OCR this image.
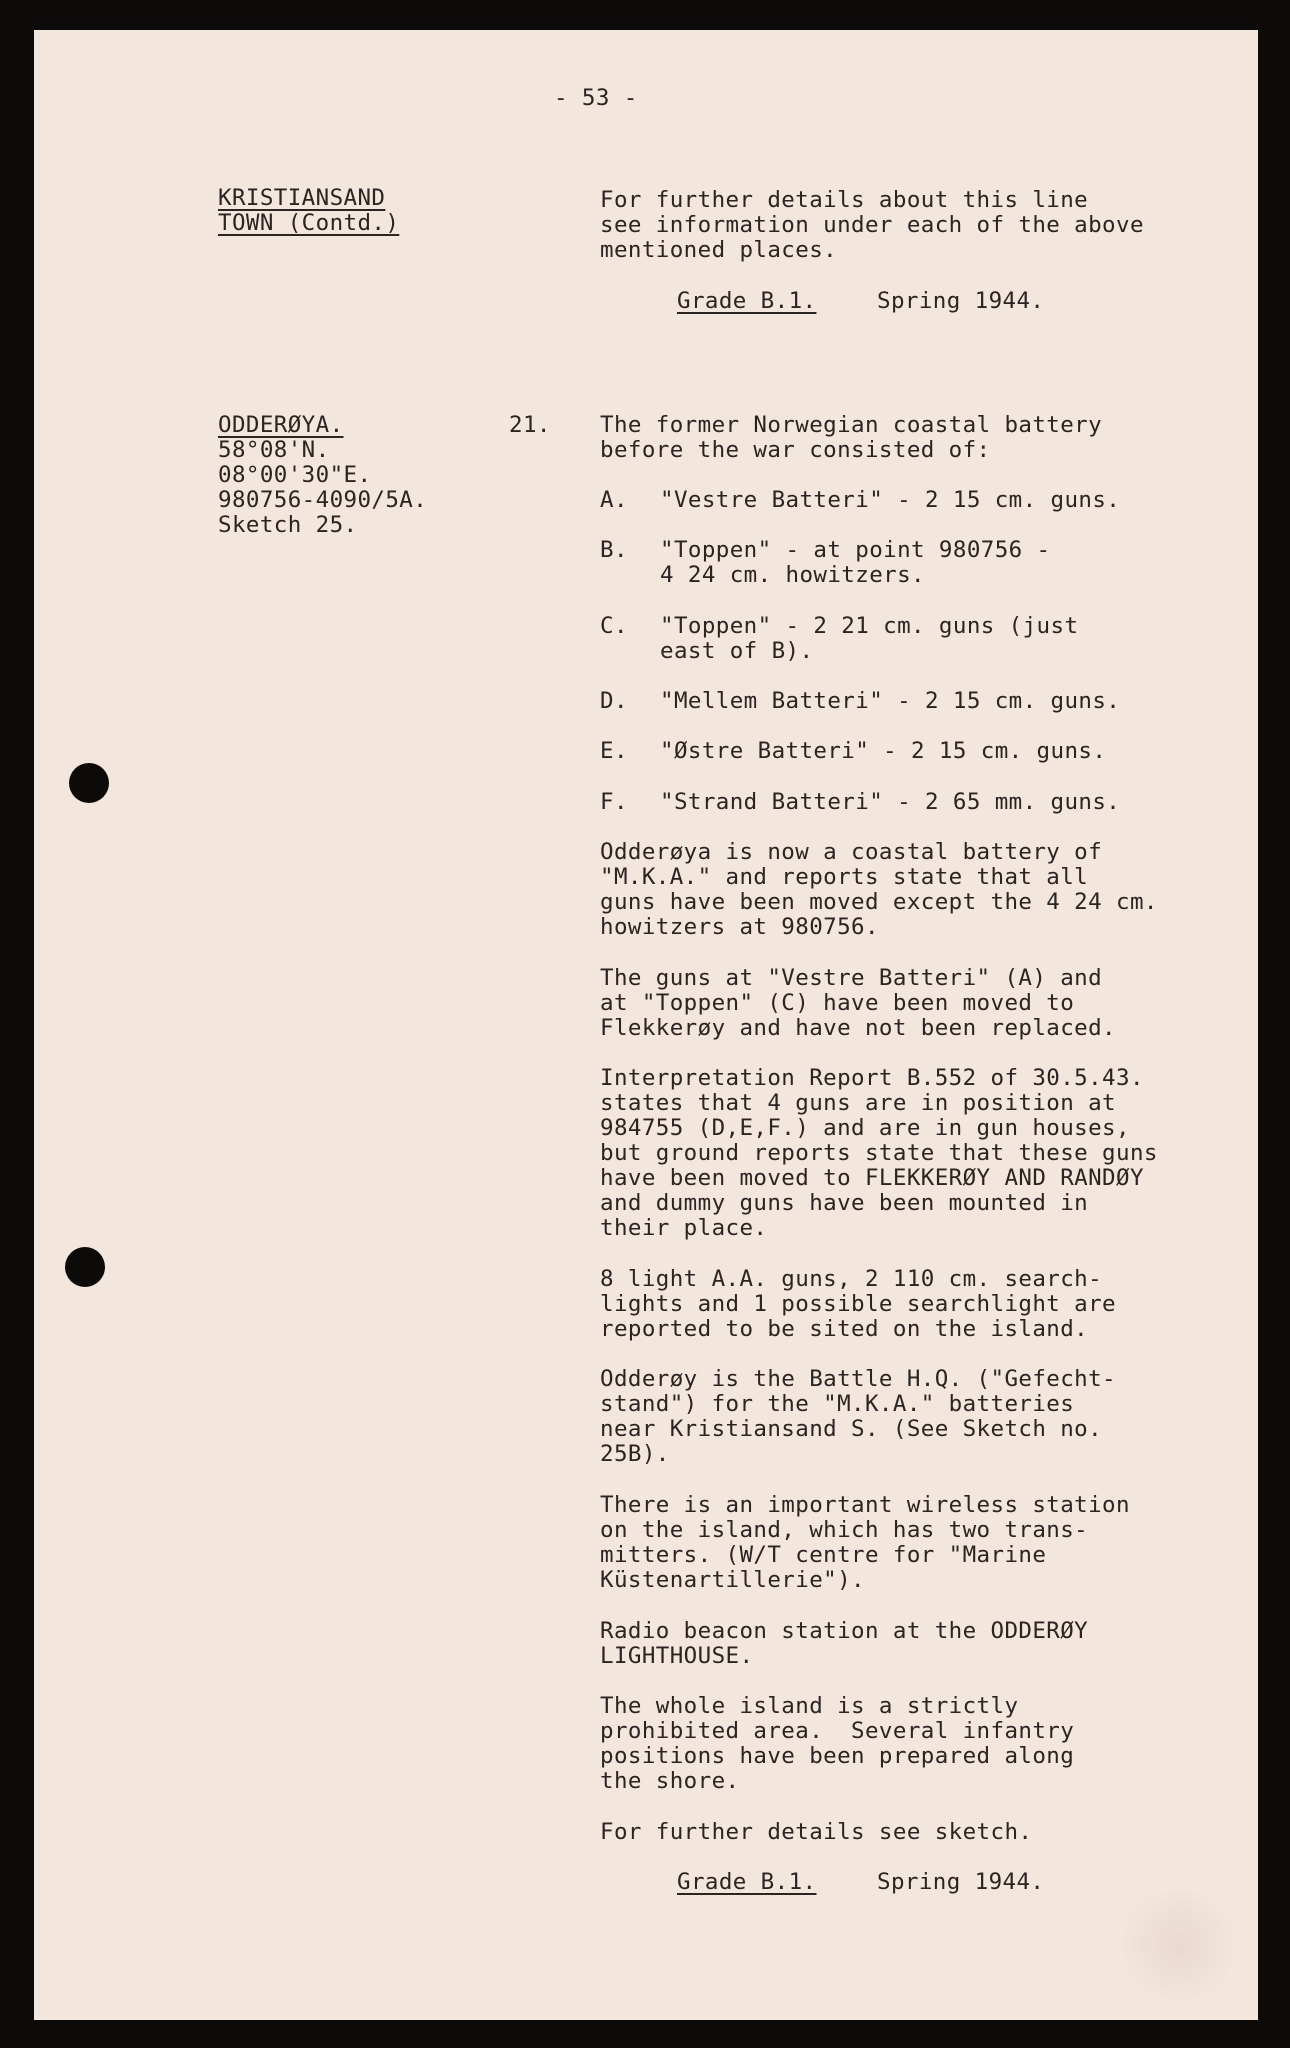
- 53 -
KRISTIANSAND
TOWN (Contd.)
For further details about this line
see information under each of the above
mentioned places.
Grade B.1.	Spring 1944.
ODDERØYA.
58°08'N.
08°00'30"E.
980756-4090/5A.
Sketch 25.
21. The former Norwegian coastal battery
before the war consisted of:
A. "Vestre Batteri" - 2 15 cm. guns.
B. "Toppen" - at point 980756 -
4 24 cm. howitzers.
C. "Toppen" - 2 21 cm. guns (just
east of B).
D. "Mellem Batteri" - 2 15 cm. guns.
E. "Østre Batteri" - 2 15 cm. guns.
F. "Strand Batteri" - 2 65 mm. guns.
Odderøya is now a coastal battery of
"M.K.A." and reports state that all
guns have been moved except the 4 24 cm.
howitzers at 980756.
The guns at "Vestre Batteri" (A) and
at "Toppen" (C) have been moved to
Flekkerøy and have not been replaced.
Interpretation Report B.552 of 30.5.43.
states that 4 guns are in position at
984755 (D,E,F.) and are in gun houses,
but ground reports state that these guns
have been moved to FLEKKERØY AND RANDØY
and dummy guns have been mounted in
their place.
8 light A.A. guns, 2 110 cm. search-
lights and 1 possible searchlight are
reported to be sited on the island.
Odderøy is the Battle H.Q. ("Gefecht-
stand") for the "M.K.A." batteries
near Kristiansand S. (See Sketch no.
25B).
There is an important wireless station
on the island, which has two trans-
mitters. (W/T centre for "Marine
Küstenartillerie").
Radio beacon station at the ODDERØY
LIGHTHOUSE.
The whole island is a strictly
prohibited area.  Several infantry
positions have been prepared along
the shore.
For further details see sketch.
Grade B.1.	Spring 1944.
